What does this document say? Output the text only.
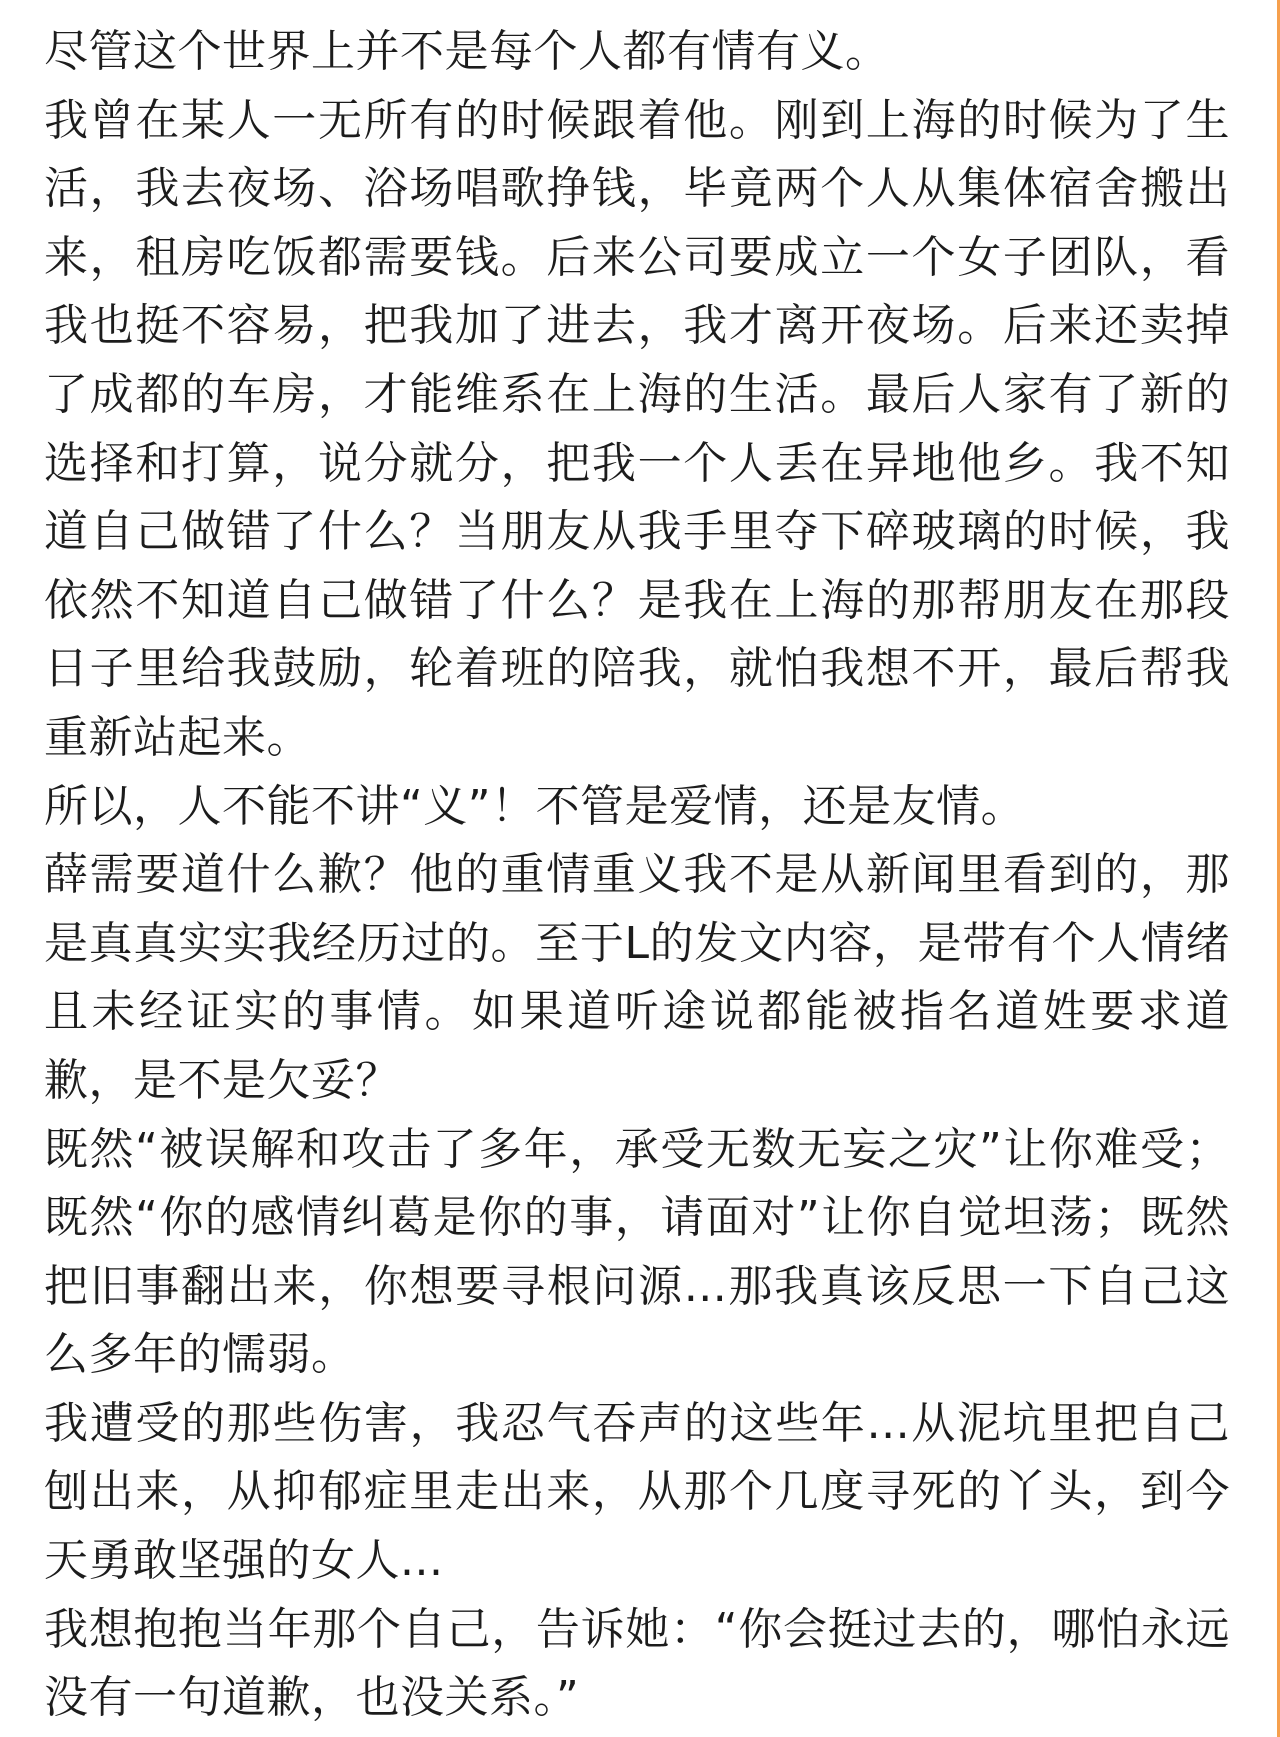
尽管这个世界上并不是每个人都有情有义。

我曾在某人一无所有的时候跟着他。刚到上海的时候为了生活，我去夜场、浴场唱歌挣钱，毕竟两个人从集体宿舍搬出来，租房吃饭都需要钱。后来公司要成立一个女子团队，看我也挺不容易，把我加了进去，我才离开夜场。后来还卖掉了成都的车房，才能维系在上海的生活。最后人家有了新的选择和打算，说分就分，把我一个人丢在异地他乡。我不知道自己做错了什么？当朋友从我手里夺下碎玻璃的时候，我依然不知道自己做错了什么？是我在上海的那帮朋友在那段日子里给我鼓励，轮着班的陪我，就怕我想不开，最后帮我重新站起来。

所以，人不能不讲“义”！不管是爱情，还是友情。

薛需要道什么歉？他的重情重义我不是从新闻里看到的，那是真真实实我经历过的。至于L的发文内容，是带有个人情绪且未经证实的事情。如果道听途说都能被指名道姓要求道歉，是不是欠妥？

既然“被误解和攻击了多年，承受无数无妄之灾”让你难受；既然“你的感情纠葛是你的事，请面对”让你自觉坦荡；既然把旧事翻出来，你想要寻根问源...那我真该反思一下自己这么多年的懦弱。

我遭受的那些伤害，我忍气吞声的这些年...从泥坑里把自己刨出来，从抑郁症里走出来，从那个几度寻死的丫头，到今天勇敢坚强的女人...

我想抱抱当年那个自己，告诉她：“你会挺过去的，哪怕永远没有一句道歉，也没关系。”
